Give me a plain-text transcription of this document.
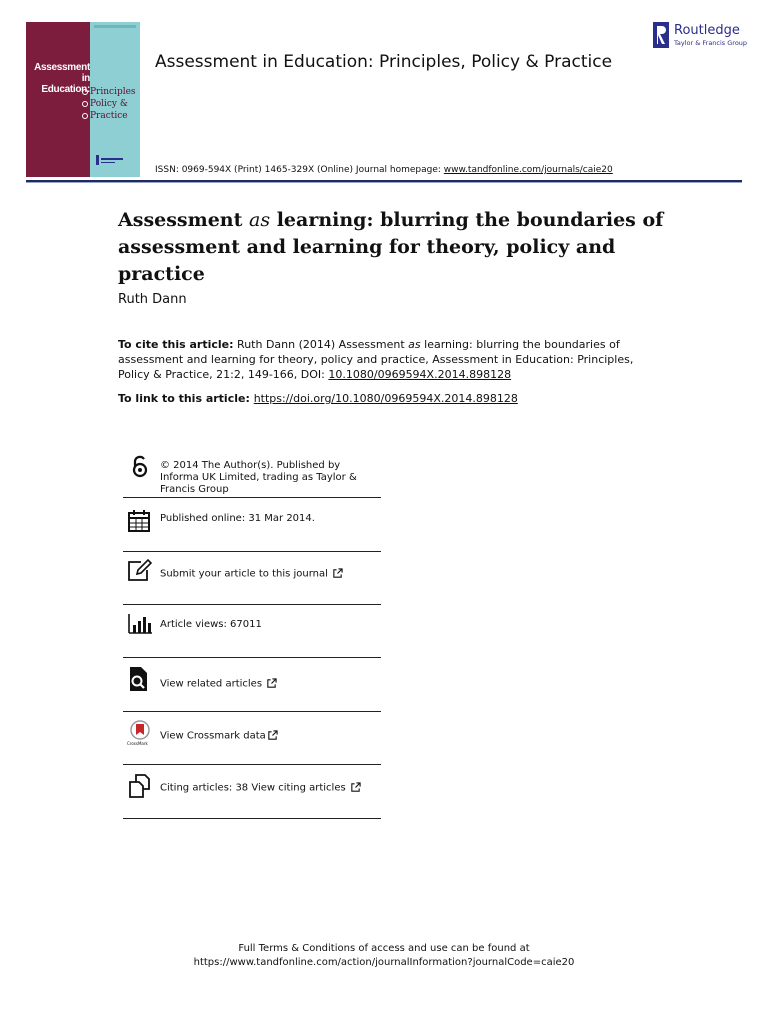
Assessment
in Education: Principles
Policy &
Practice
Assessment in Education: Principles, Policy & Practice
Routledge
Taylor & Francis Group
ISSN: 0969-594X (Print) 1465-329X (Online) Journal homepage: www.tandfonline.com/journals/caie20
Assessment as learning: blurring the boundaries of assessment and learning for theory, policy and practice
Ruth Dann
To cite this article: Ruth Dann (2014) Assessment as learning: blurring the boundaries of assessment and learning for theory, policy and practice, Assessment in Education: Principles, Policy & Practice, 21:2, 149-166, DOI: 10.1080/0969594X.2014.898128
To link to this article: https://doi.org/10.1080/0969594X.2014.898128
© 2014 The Author(s). Published by Informa UK Limited, trading as Taylor & Francis Group
Published online: 31 Mar 2014.
Submit your article to this journal
Article views: 67011
View related articles
CrossMark
View Crossmark data
Citing articles: 38 View citing articles
Full Terms & Conditions of access and use can be found at
https://www.tandfonline.com/action/journalInformation?journalCode=caie20
